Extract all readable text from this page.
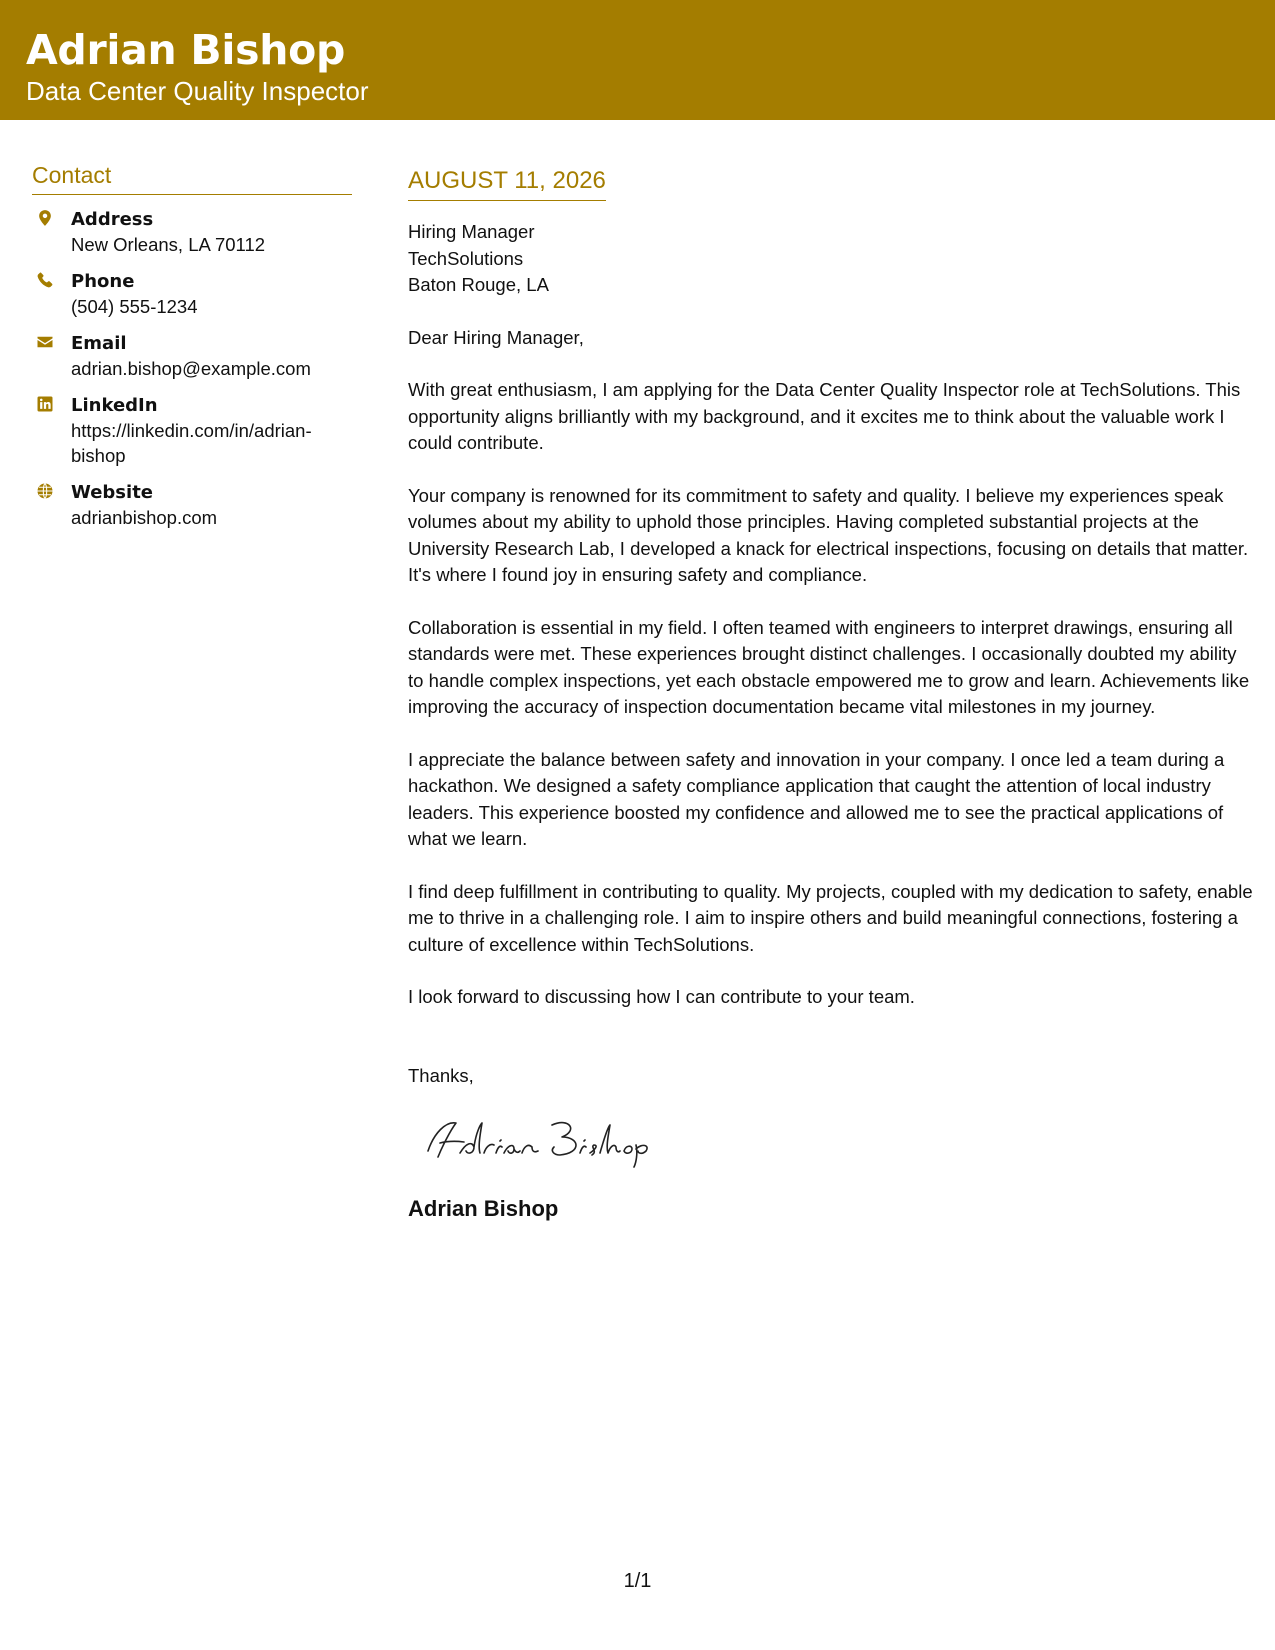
Adrian Bishop
Data Center Quality Inspector
Contact
Address
New Orleans, LA 70112
Phone
(504) 555-1234
Email
adrian.bishop@example.com
LinkedIn
https://linkedin.com/in/adrian-bishop
Website
adrianbishop.com
AUGUST 11, 2026
Hiring Manager
TechSolutions
Baton Rouge, LA
Dear Hiring Manager,
With great enthusiasm, I am applying for the Data Center Quality Inspector role at TechSolutions. This opportunity aligns brilliantly with my background, and it excites me to think about the valuable work I could contribute.
Your company is renowned for its commitment to safety and quality. I believe my experiences speak volumes about my ability to uphold those principles. Having completed substantial projects at the University Research Lab, I developed a knack for electrical inspections, focusing on details that matter. It's where I found joy in ensuring safety and compliance.
Collaboration is essential in my field. I often teamed with engineers to interpret drawings, ensuring all standards were met. These experiences brought distinct challenges. I occasionally doubted my ability to handle complex inspections, yet each obstacle empowered me to grow and learn. Achievements like improving the accuracy of inspection documentation became vital milestones in my journey.
I appreciate the balance between safety and innovation in your company. I once led a team during a hackathon. We designed a safety compliance application that caught the attention of local industry leaders. This experience boosted my confidence and allowed me to see the practical applications of what we learn.
I find deep fulfillment in contributing to quality. My projects, coupled with my dedication to safety, enable me to thrive in a challenging role. I aim to inspire others and build meaningful connections, fostering a culture of excellence within TechSolutions.
I look forward to discussing how I can contribute to your team.
Thanks,
Adrian Bishop
1/1
